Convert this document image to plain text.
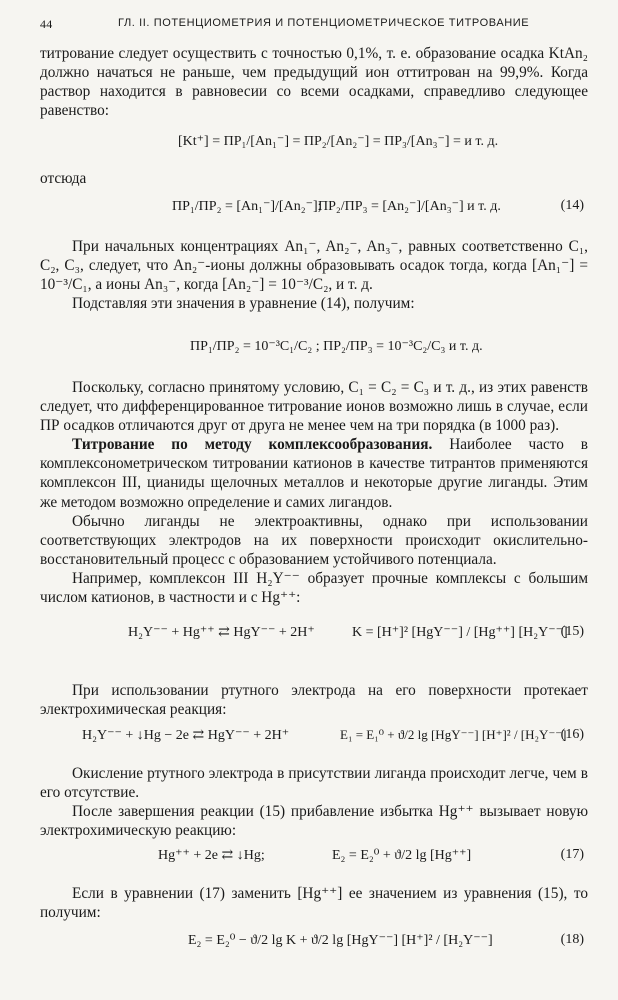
44	ГЛ. II. ПОТЕНЦИОМЕТРИЯ И ПОТЕНЦИОМЕТРИЧЕСКОЕ ТИТРОВАНИЕ

титрование следует осуществить с точностью 0,1%, т. е. образование осадка KtAn₂ должно начаться не раньше, чем предыдущий ион оттитрован на 99,9%. Когда раствор находится в равновесии со всеми осадками, справедливо следующее равенство:

[Kt⁺] = ПР₁/[An₁⁻] = ПР₂/[An₂⁻] = ПР₃/[An₃⁻] = и т. д.

отсюда

ПР₁/ПР₂ = [An₁⁻]/[An₂⁻];
ПР₂/ПР₃ = [An₂⁻]/[An₃⁻] и т. д.	(14)

При начальных концентрациях An₁⁻, An₂⁻, An₃⁻, равных соответственно C₁, C₂, C₃, следует, что An₂⁻-ионы должны образовывать осадок тогда, когда [An₁⁻] = 10⁻³/C₁, а ионы An₃⁻, когда [An₂⁻] = 10⁻³/C₂, и т. д.

Подставляя эти значения в уравнение (14), получим:

ПР₁/ПР₂ = 10⁻³C₁/C₂ ; ПР₂/ПР₃ = 10⁻³C₂/C₃ и т. д.

Поскольку, согласно принятому условию, C₁ = C₂ = C₃ и т. д., из этих равенств следует, что дифференцированное титрование ионов возможно лишь в случае, если ПР осадков отличаются друг от друга не менее чем на три порядка (в 1000 раз).

Титрование по методу комплексообразования. Наиболее часто в комплексонометрическом титровании катионов в качестве титрантов применяются комплексон III, цианиды щелочных металлов и некоторые другие лиганды. Этим же методом возможно определение и самих лигандов.

Обычно лиганды не электроактивны, однако при использовании соответствующих электродов на их поверхности происходит окислительно-восстановительный процесс с образованием устойчивого потенциала.

Например, комплексон III H₂Y⁻⁻ образует прочные комплексы с большим числом катионов, в частности и с Hg⁺⁺:

H₂Y⁻⁻ + Hg⁺⁺ ⇄ HgY⁻⁻ + 2H⁺	K = [H⁺]² [HgY⁻⁻] / [Hg⁺⁺] [H₂Y⁻⁻]
(15)

При использовании ртутного электрода на его поверхности протекает электрохимическая реакция:

H₂Y⁻⁻ + ↓Hg − 2e ⇄ HgY⁻⁻ + 2H⁺	E₁ = E₁⁰ + ϑ/2 lg [HgY⁻⁻] [H⁺]² / [H₂Y⁻⁻]
(16)

Окисление ртутного электрода в присутствии лиганда происходит легче, чем в его отсутствие.

После завершения реакции (15) прибавление избытка Hg⁺⁺ вызывает новую электрохимическую реакцию:

Hg⁺⁺ + 2e ⇄ ↓Hg;	E₂ = E₂⁰ + ϑ/2 lg [Hg⁺⁺]	(17)

Если в уравнении (17) заменить [Hg⁺⁺] ее значением из уравнения (15), то получим:

E₂ = E₂⁰ − ϑ/2 lg K + ϑ/2 lg [HgY⁻⁻] [H⁺]² / [H₂Y⁻⁻]	(18)
